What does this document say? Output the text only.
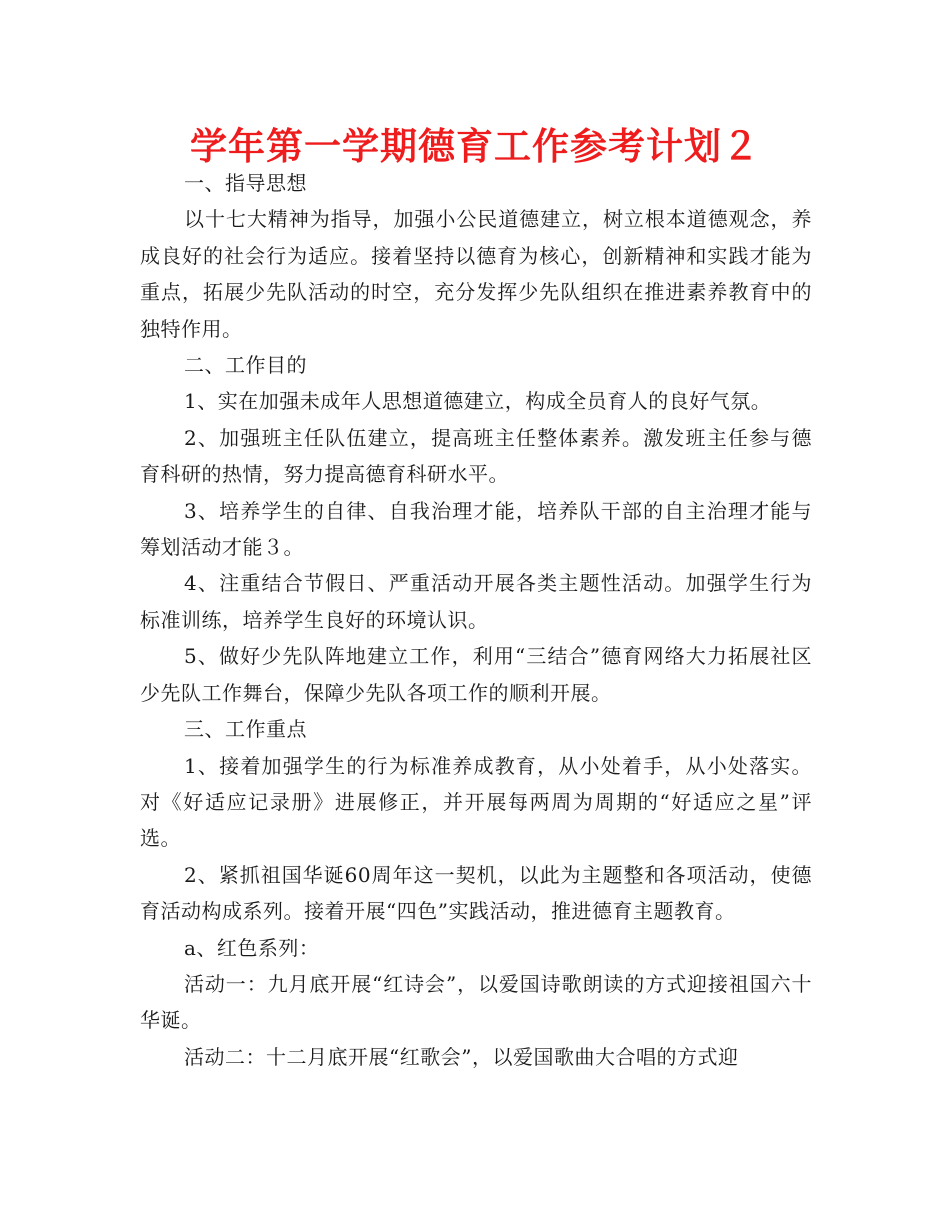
学年第一学期德育工作参考计划２

一、指导思想

以十七大精神为指导，加强小公民道德建立，树立根本道德观念，养成良好的社会行为适应。接着坚持以德育为核心，创新精神和实践才能为重点，拓展少先队活动的时空，充分发挥少先队组织在推进素养教育中的独特作用。

二、工作目的

1、实在加强未成年人思想道德建立，构成全员育人的良好气氛。

2、加强班主任队伍建立，提高班主任整体素养。激发班主任参与德育科研的热情，努力提高德育科研水平。

3、培养学生的自律、自我治理才能，培养队干部的自主治理才能与筹划活动才能３。

4、注重结合节假日、严重活动开展各类主题性活动。加强学生行为标准训练，培养学生良好的环境认识。

5、做好少先队阵地建立工作，利用“三结合”德育网络大力拓展社区少先队工作舞台，保障少先队各项工作的顺利开展。

三、工作重点

1、接着加强学生的行为标准养成教育，从小处着手，从小处落实。对《好适应记录册》进展修正，并开展每两周为周期的“好适应之星”评选。

2、紧抓祖国华诞60周年这一契机，以此为主题整和各项活动，使德育活动构成系列。接着开展“四色”实践活动，推进德育主题教育。

a、红色系列：

活动一：九月底开展“红诗会”，以爱国诗歌朗读的方式迎接祖国六十华诞。

活动二：十二月底开展“红歌会”，以爱国歌曲大合唱的方式迎
